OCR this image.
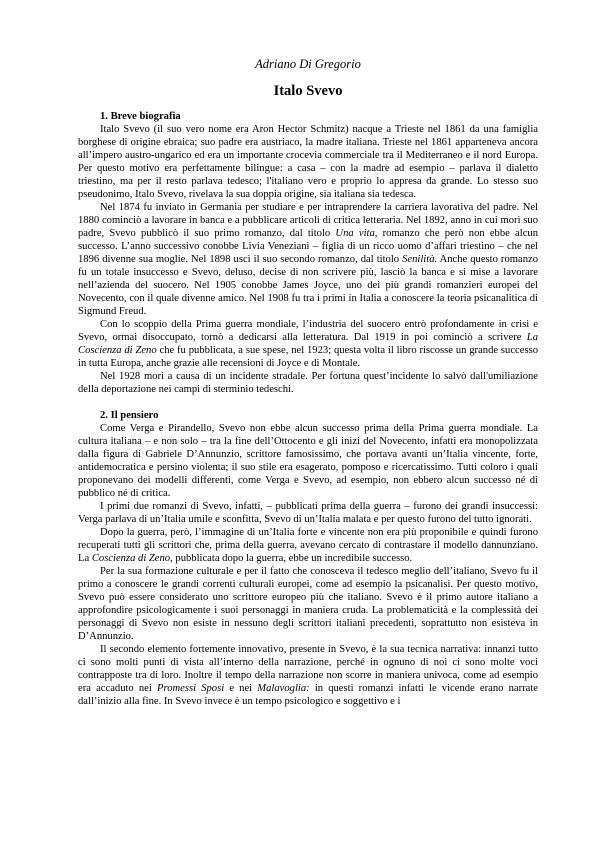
Adriano Di Gregorio
Italo Svevo
1. Breve biografia

Italo Svevo (il suo vero nome era Aron Hector Schmitz) nacque a Trieste nel 1861 da una famiglia borghese di origine ebraica; suo padre era austriaco, la madre italiana. Trieste nel 1861 apparteneva ancora all’impero austro-ungarico ed era un importante crocevia commerciale tra il Mediterraneo e il nord Europa. Per questo motivo era perfettamente bilingue: a casa – con la madre ad esempio – parlava il dialetto triestino, ma per il resto parlava tedesco; l'italiano vero e proprio lo appresa da grande. Lo stesso suo pseudonimo, Italo Svevo, rivelava la sua doppia origine, sia italiana sia tedesca.

Nel 1874 fu inviato in Germania per studiare e per intraprendere la carriera lavorativa del padre. Nel 1880 cominciò a lavorare in banca e a pubblicare articoli di critica letteraria. Nel 1892, anno in cui morì suo padre, Svevo pubblicò il suo primo romanzo, dal titolo Una vita, romanzo che però non ebbe alcun successo. L’anno successivo conobbe Livia Veneziani – figlia di un ricco uomo d’affari triestino – che nel 1896 divenne sua moglie. Nel 1898 uscì il suo secondo romanzo, dal titolo Senilità. Anche questo romanzo fu un totale insuccesso e Svevo, deluso, decise di non scrivere più, lasciò la banca e si mise a lavorare nell’azienda del suocero. Nel 1905 conobbe James Joyce, uno dei più grandi romanzieri europei del Novecento, con il quale divenne amico. Nel 1908 fu tra i primi in Italia a conoscere la teoria psicanalitica di Sigmund Freud.

Con lo scoppio della Prima guerra mondiale, l’industria del suocero entrò profondamente in crisi e Svevo, ormai disoccupato, tornò a dedicarsi alla letteratura. Dal 1919 in poi cominciò a scrivere La Coscienza di Zeno che fu pubblicata, a sue spese, nel 1923; questa volta il libro riscosse un grande successo in tutta Europa, anche grazie alle recensioni di Joyce e di Montale.

Nel 1928 morì a causa di un incidente stradale. Per fortuna quest’incidente lo salvò dall'umiliazione della deportazione nei campi di sterminio tedeschi.

2. Il pensiero

Come Verga e Pirandello, Svevo non ebbe alcun successo prima della Prima guerra mondiale. La cultura italiana – e non solo – tra la fine dell’Ottocento e gli inizi del Novecento, infatti era monopolizzata dalla figura di Gabriele D’Annunzio, scrittore famosissimo, che portava avanti un’Italia vincente, forte, antidemocratica e persino violenta; il suo stile era esagerato, pomposo e ricercatissimo. Tutti coloro i quali proponevano dei modelli differenti, come Verga e Svevo, ad esempio, non ebbero alcun successo né di pubblico né di critica.

I primi due romanzi di Svevo, infatti, – pubblicati prima della guerra – furono dei grandi insuccessi: Verga parlava di un’Italia umile e sconfitta, Svevo di un’Italia malata e per questo furono del tutto ignorati.

Dopo la guerra, però, l’immagine di un’Italia forte e vincente non era più proponibile e quindi furono recuperati tutti gli scrittori che, prima della guerra, avevano cercato di contrastare il modello dannunziano. La Coscienza di Zeno, pubblicata dopo la guerra, ebbe un incredibile successo.

Per la sua formazione culturale e per il fatto che conosceva il tedesco meglio dell’italiano, Svevo fu il primo a conoscere le grandi correnti culturali europei, come ad esempio la psicanalisi. Per questo motivo, Svevo può essere considerato uno scrittore europeo più che italiano. Svevo è il primo autore italiano a approfondire psicologicamente i suoi personaggi in maniera cruda. La problematicità e la complessità dei personaggi di Svevo non esiste in nessuno degli scrittori italiani precedenti, soprattutto non esisteva in D’Annunzio.

Il secondo elemento fortemente innovativo, presente in Svevo, è la sua tecnica narrativa: innanzi tutto ci sono molti punti di vista all’interno della narrazione, perché in ognuno di noi ci sono molte voci contrapposte tra di loro. Inoltre il tempo della narrazione non scorre in maniera univoca, come ad esempio era accaduto nei Promessi Sposi e nei Malavoglia: in questi romanzi infatti le vicende erano narrate dall’inizio alla fine. In Svevo invece è un tempo psicologico e soggettivo e i
